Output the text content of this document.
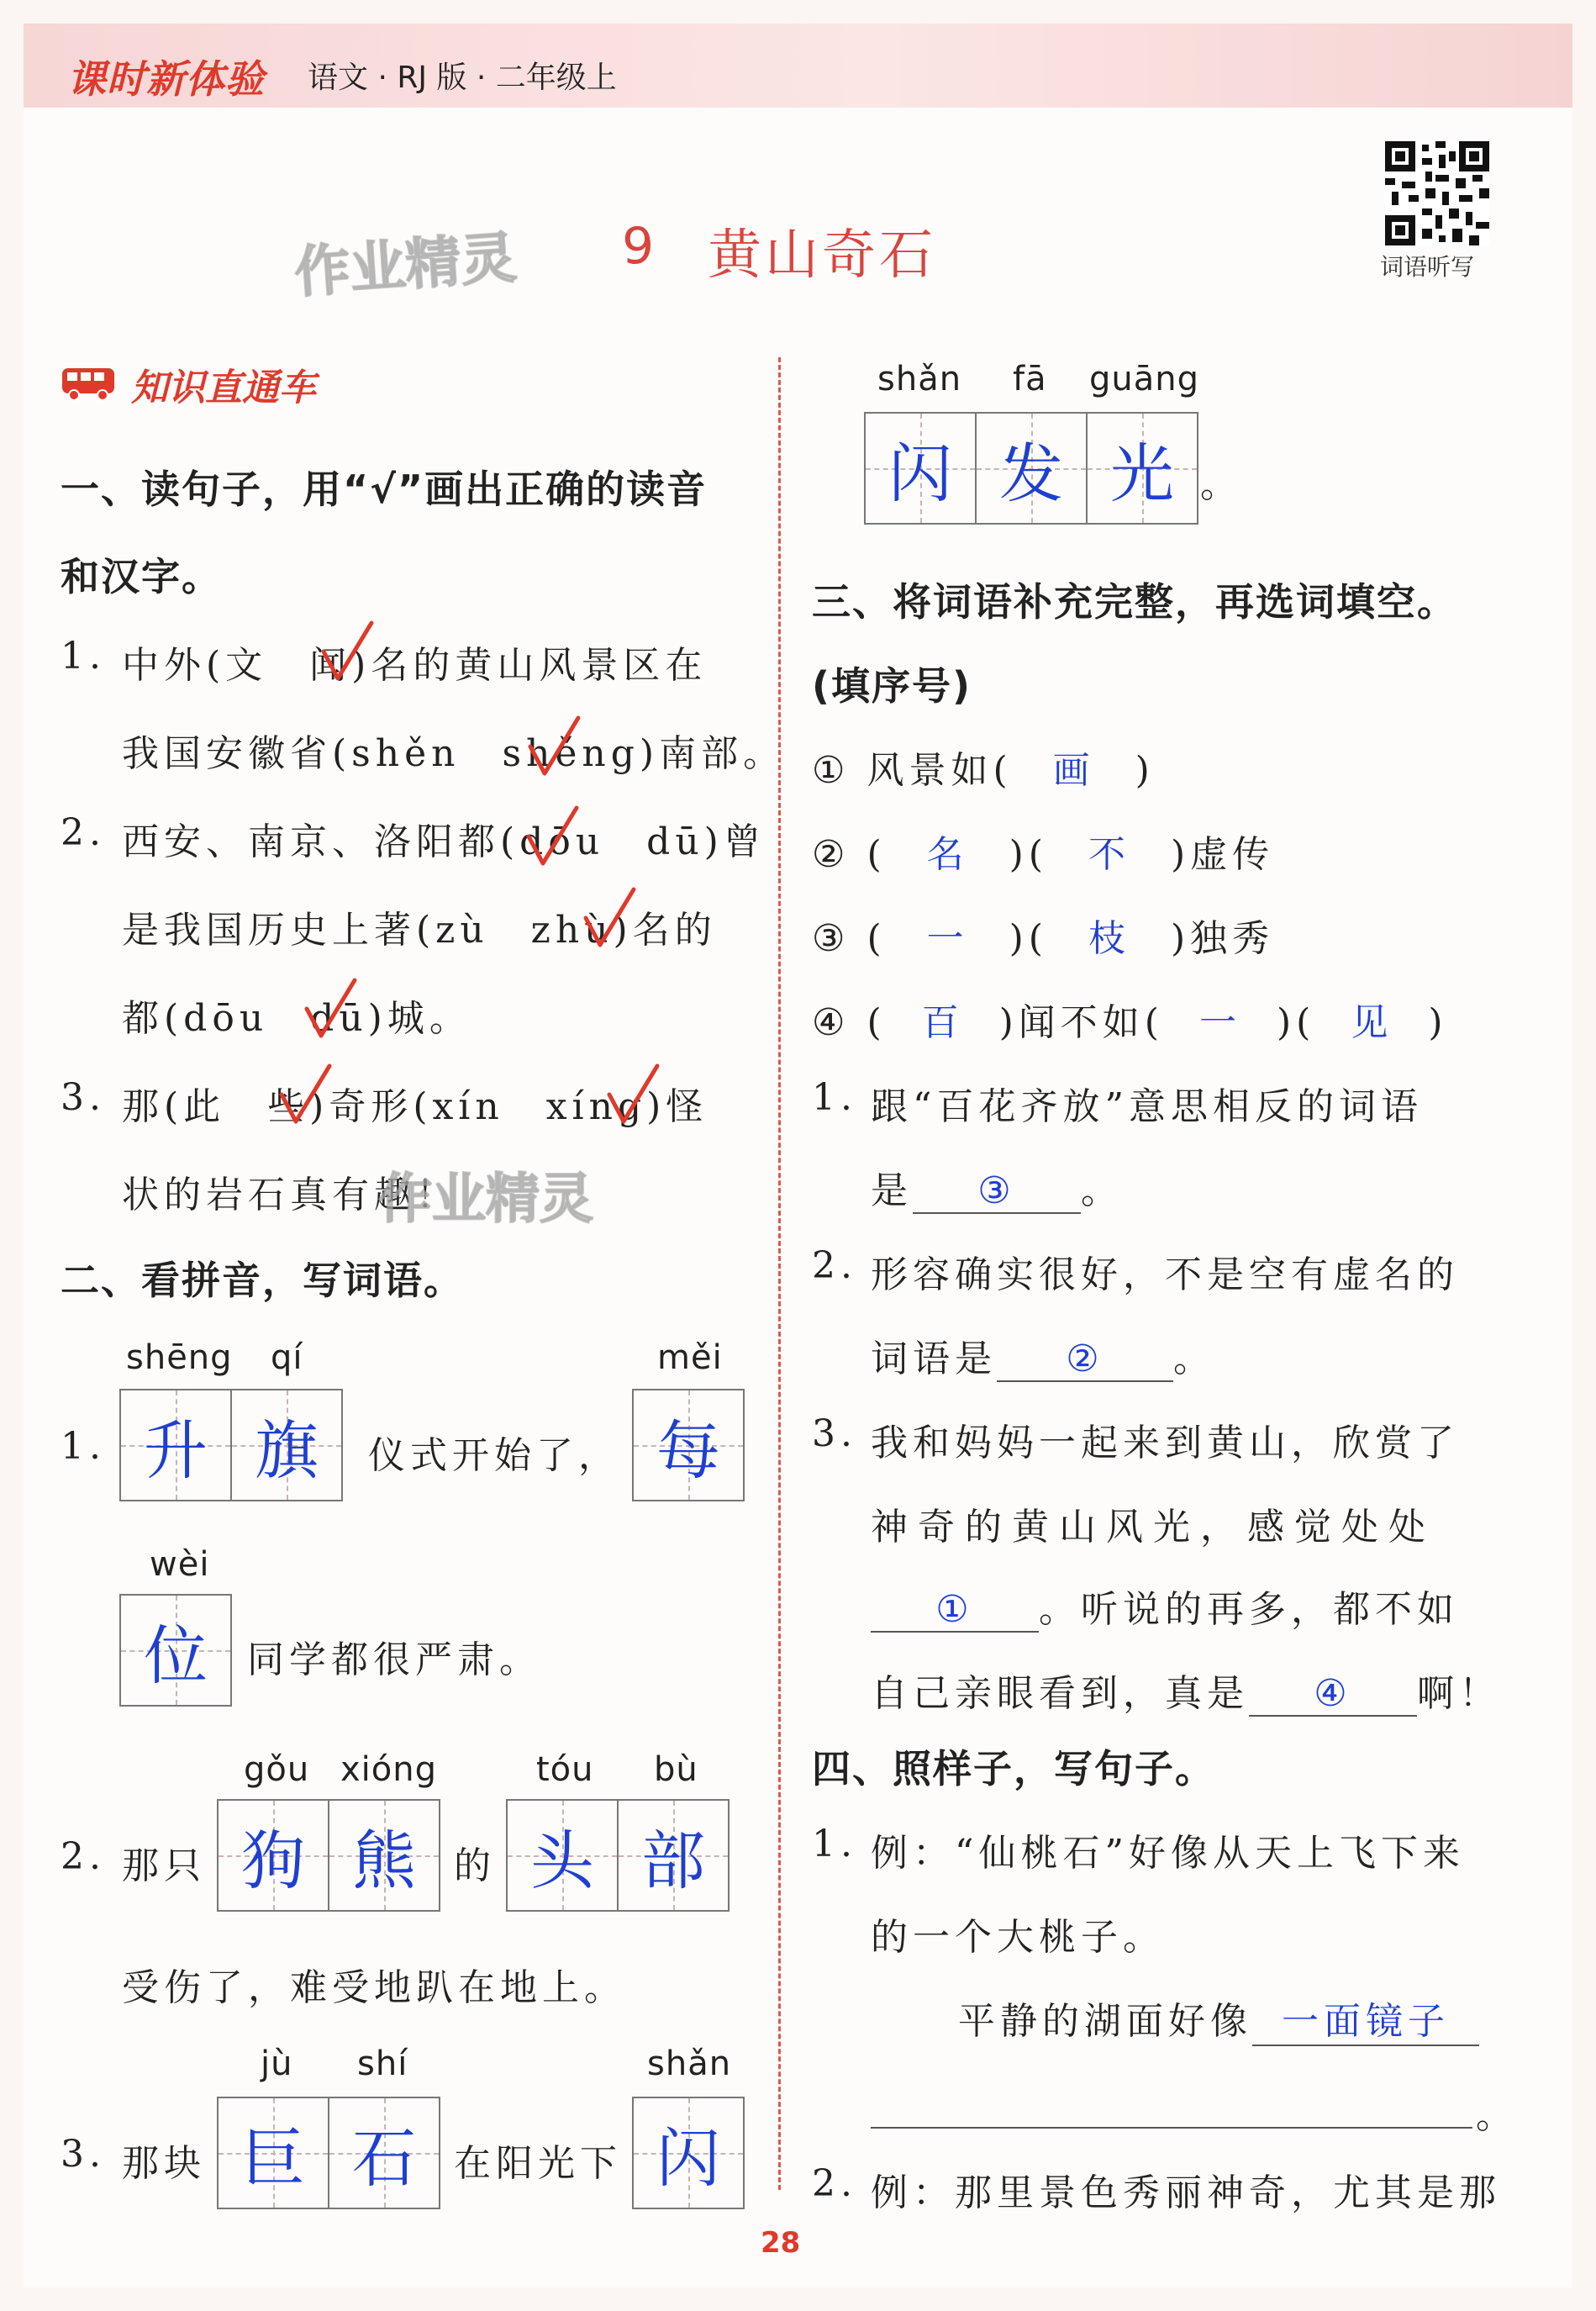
课时新体验 语文 · RJ 版 · 二年级上
作业精灵 9 黄山奇石	词语听写
知识直通车
一、读句子，用“√”画出正确的读音
和汉字。
1. 中外(文　闻)名的黄山风景区在
我国安徽省(shěn　shěng)南部。
2. 西安、南京、洛阳都(dōu　dū)曾
是我国历史上著(zù　zhù)名的
都(dōu　dū)城。
3. 那(此　些)奇形(xín　xíng)怪
状的岩石真有趣！
作业精灵
二、看拼音，写词语。
shēng qí	měi
1. 升 旗 仪式开始了， 每
wèi
位 同学都很严肃。
gǒu xióng	tóu bù
2. 那只 狗 熊 的 头 部
受伤了，难受地趴在地上。
jù shí	shǎn
3. 那块 巨 石 在阳光下 闪
shǎn fā guāng
闪 发 光 。
三、将词语补充完整，再选词填空。
(填序号)
① 风景如( 画 )
② ( 名 )( 不 )虚传
③ ( 一 )( 枝 )独秀
④ ( 百 )闻不如( 一 )( 见 )
1. 跟“百花齐放”意思相反的词语
是 ③ 。
2. 形容确实很好，不是空有虚名的
词语是 ② 。
3. 我和妈妈一起来到黄山，欣赏了
神奇的黄山风光，感觉处处
① 。听说的再多，都不如
自己亲眼看到，真是 ④ 啊！
四、照样子，写句子。
1. 例：“仙桃石”好像从天上飞下来
的一个大桃子。
平静的湖面好像 一面镜子
。
2. 例：那里景色秀丽神奇，尤其是那
28
